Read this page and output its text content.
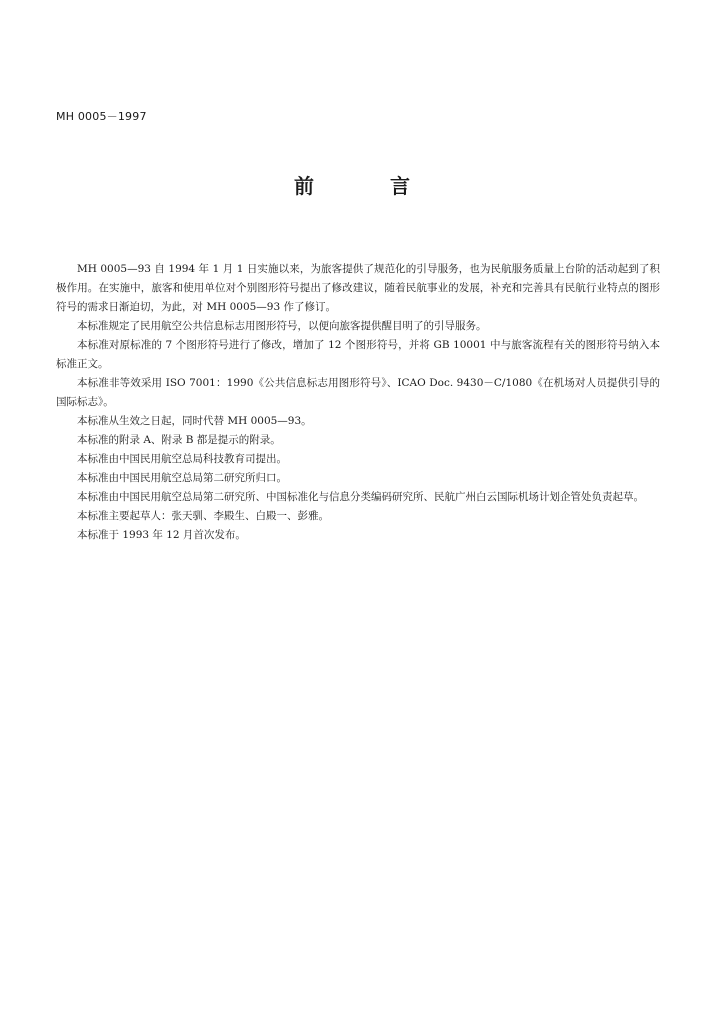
MH 0005－1997
前　言

MH 0005—93 自 1994 年 1 月 1 日实施以来，为旅客提供了规范化的引导服务，也为民航服务质量上台阶的活动起到了积极作用。在实施中，旅客和使用单位对个别图形符号提出了修改建议，随着民航事业的发展，补充和完善具有民航行业特点的图形符号的需求日渐迫切，为此，对 MH 0005—93 作了修订。

本标准规定了民用航空公共信息标志用图形符号，以便向旅客提供醒目明了的引导服务。

本标准对原标准的 7 个图形符号进行了修改，增加了 12 个图形符号，并将 GB 10001 中与旅客流程有关的图形符号纳入本标准正文。

本标准非等效采用 ISO 7001：1990《公共信息标志用图形符号》、ICAO Doc. 9430－C/1080《在机场对人员提供引导的国际标志》。

本标准从生效之日起，同时代替 MH 0005—93。

本标准的附录 A、附录 B 都是提示的附录。

本标准由中国民用航空总局科技教育司提出。

本标准由中国民用航空总局第二研究所归口。

本标准由中国民用航空总局第二研究所、中国标准化与信息分类编码研究所、民航广州白云国际机场计划企管处负责起草。

本标准主要起草人：张天驯、李殿生、白殿一、彭雅。

本标准于 1993 年 12 月首次发布。
